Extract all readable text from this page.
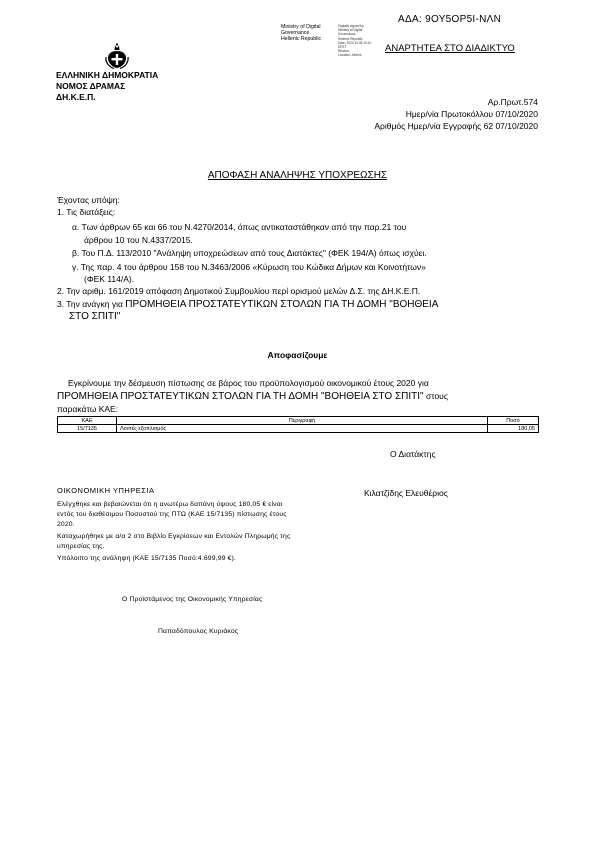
ΑΔΑ: 9ΟΥ5ΟΡ5Ι-ΝΛΝ
Ministry of Digital
Governance
Hellenic Republic
Digitally signed by
Ministry of Digital
Governance,
Hellenic Republic
Date: 2020.10.08 10:10
EEST
Reason:
Location: Athens
ΑΝΑΡΤΗΤΕΑ ΣΤΟ ΔΙΑΔΙΚΤΥΟ
ΕΛΛΗΝΙΚΗ ΔΗΜΟΚΡΑΤΙΑ
ΝΟΜΟΣ ΔΡΑΜΑΣ
ΔΗ.Κ.Ε.Π.	Αρ.Πρωτ.574
Ημερ/νία Πρωτοκόλλου 07/10/2020
Αριθμός Ημερ/νία Εγγραφής 62 07/10/2020
ΑΠΟΦΑΣΗ ΑΝΑΛΗΨΗΣ ΥΠΟΧΡΕΩΣΗΣ
Έχοντας υπόψη:
1. Τις διατάξεις:
α. Των άρθρων 65 και 66 του Ν.4270/2014, όπως αντικαταστάθηκαν από την παρ.21 του
άρθρου 10 του Ν.4337/2015.
β. Του Π.Δ. 113/2010 "Ανάληψη υποχρεώσεων από τους Διατάκτες" (ΦΕΚ 194/Α) όπως ισχύει.
γ. Της παρ. 4 του άρθρου 158 του Ν.3463/2006 «Κύρωση του Κώδικα Δήμων και Κοινοτήτων»
(ΦΕΚ 114/Α).
2. Την αριθμ. 161/2019 απόφαση Δημοτικού Συμβουλίου περί ορισμού μελών Δ.Σ. της ΔΗ.Κ.Ε.Π.
3. Την ανάγκη για ΠΡΟΜΗΘΕΙΑ ΠΡΟΣΤΑΤΕΥΤΙΚΩΝ ΣΤΟΛΩΝ ΓΙΑ ΤΗ ΔΟΜΗ "ΒΟΗΘΕΙΑ
ΣΤΟ ΣΠΙΤΙ"
Αποφασίζουμε
Εγκρίνουμε την δέσμευση πίστωσης σε βάρος του προϋπολογισμού οικονομικού έτους 2020 για
ΠΡΟΜΗΘΕΙΑ ΠΡΟΣΤΑΤΕΥΤΙΚΩΝ ΣΤΟΛΩΝ ΓΙΑ ΤΗ ΔΟΜΗ "ΒΟΗΘΕΙΑ ΣΤΟ ΣΠΙΤΙ" στους
παρακάτω ΚΑΕ:
ΚΑΕ	Περιγραφή	Ποσό
15/7135	Λοιπές εξοπλισμός	180,05
Ο Διατάκτης
Κιλατζίδης Ελευθέριος
ΟΙΚΟΝΟΜΙΚΗ ΥΠΗΡΕΣΙΑ
Ελέγχθηκε και βεβαιώνεται ότι η ανωτέρω δαπάνη ύψους 180,05 € είναι
εντός του διαθέσιμου Ποσοστού της ΠΤΩ (ΚΑΕ 15/7135) πίστωσης έτους
2020.
Καταχωρήθηκε με α/α 2 στο Βιβλίο Εγκρίσεων και Εντολών Πληρωμής της
υπηρεσίας της.
Υπόλοιπο της ανάληψη (ΚΑΕ 15/7135 Ποσό:4.699,99 €).
Ο Προϊστάμενος της Οικονομικής Υπηρεσίας
Παπαδόπουλος Κυριάκος
